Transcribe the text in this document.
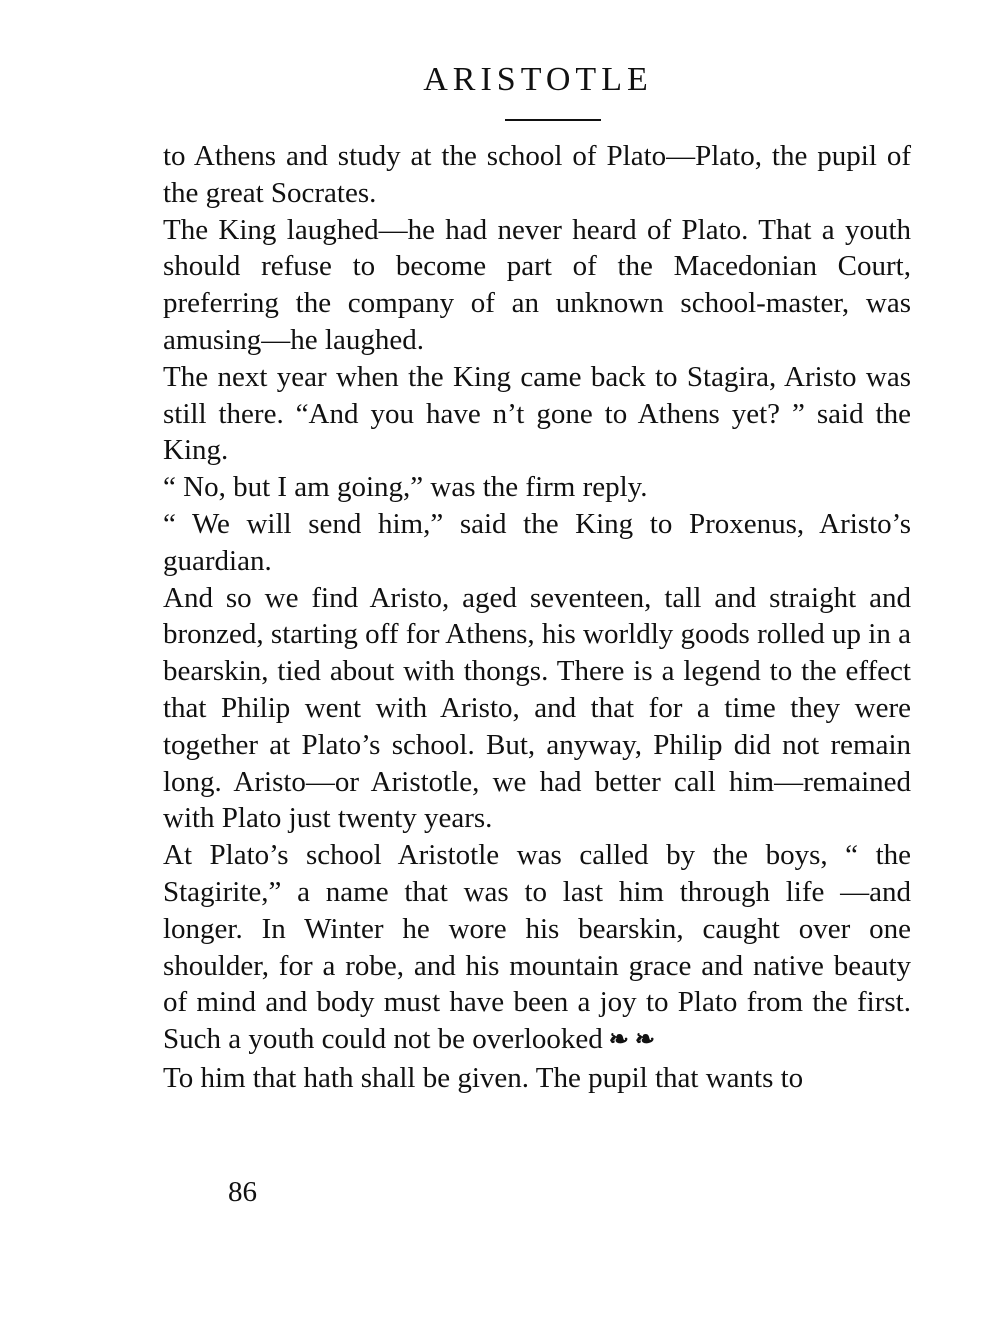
ARISTOTLE

to Athens and study at the school of Plato—Plato, the pupil of the great Socrates.

The King laughed—he had never heard of Plato. That a youth should refuse to become part of the Macedonian Court, preferring the company of an unknown school-master, was amusing—he laughed.

The next year when the King came back to Stagira, Aristo was still there. “And you have n’t gone to Athens yet? ” said the King.

“ No, but I am going,” was the firm reply.

“ We will send him,” said the King to Proxenus, Aristo’s guardian.

And so we find Aristo, aged seventeen, tall and straight and bronzed, starting off for Athens, his worldly goods rolled up in a bearskin, tied about with thongs. There is a legend to the effect that Philip went with Aristo, and that for a time they were together at Plato’s school. But, anyway, Philip did not remain long. Aristo—or Aristotle, we had better call him—remained with Plato just twenty years.

At Plato’s school Aristotle was called by the boys, “ the Stagirite,” a name that was to last him through life —and longer. In Winter he wore his bearskin, caught over one shoulder, for a robe, and his mountain grace and native beauty of mind and body must have been a joy to Plato from the first. Such a youth could not be overlooked ❧ ❧

To him that hath shall be given. The pupil that wants to

86
